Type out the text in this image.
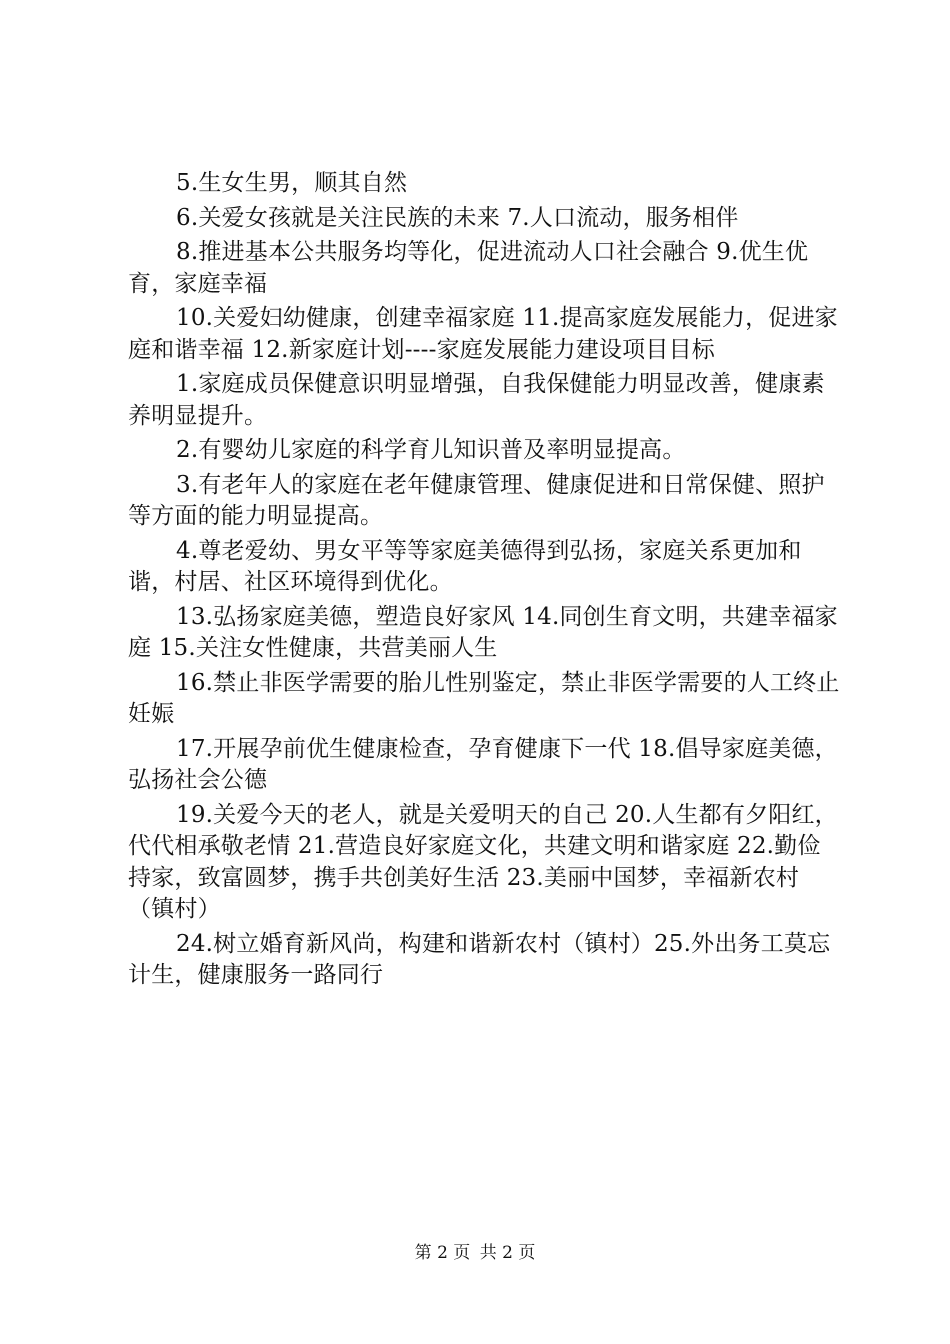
5.生女生男，顺其自然

6.关爱女孩就是关注民族的未来 7.人口流动，服务相伴

8.推进基本公共服务均等化，促进流动人口社会融合 9.优生优育，家庭幸福

10.关爱妇幼健康，创建幸福家庭 11.提高家庭发展能力，促进家庭和谐幸福 12.新家庭计划----家庭发展能力建设项目目标

1.家庭成员保健意识明显增强，自我保健能力明显改善，健康素养明显提升。

2.有婴幼儿家庭的科学育儿知识普及率明显提高。

3.有老年人的家庭在老年健康管理、健康促进和日常保健、照护等方面的能力明显提高。

4.尊老爱幼、男女平等等家庭美德得到弘扬，家庭关系更加和谐，村居、社区环境得到优化。

13.弘扬家庭美德，塑造良好家风 14.同创生育文明，共建幸福家庭 15.关注女性健康，共营美丽人生

16.禁止非医学需要的胎儿性别鉴定，禁止非医学需要的人工终止妊娠

17.开展孕前优生健康检查，孕育健康下一代 18.倡导家庭美德，弘扬社会公德

19.关爱今天的老人，就是关爱明天的自己 20.人生都有夕阳红，代代相承敬老情 21.营造良好家庭文化，共建文明和谐家庭 22.勤俭持家，致富圆梦，携手共创美好生活 23.美丽中国梦，幸福新农村（镇村）

24.树立婚育新风尚，构建和谐新农村（镇村）25.外出务工莫忘计生，健康服务一路同行

第 2 页 共 2 页
